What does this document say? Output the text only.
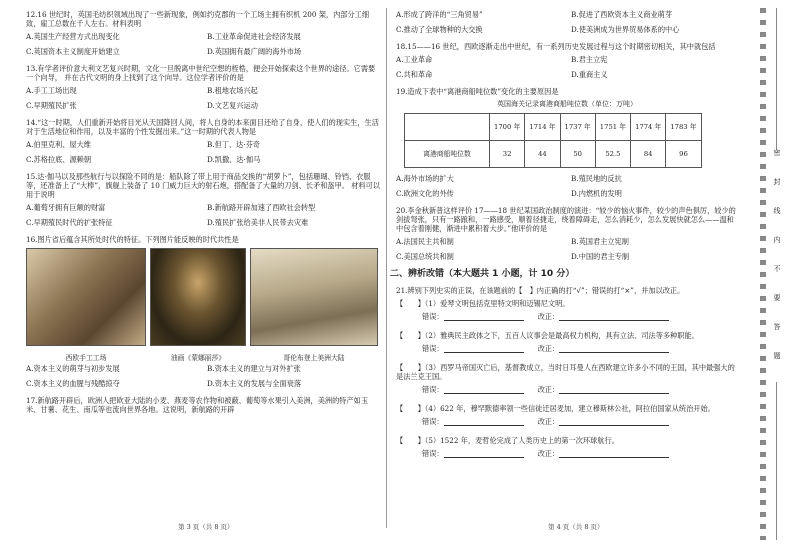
12.16 世纪时，英国毛纺织领域出现了一些新现象，例如约克郡的一个工场主拥有织机 200 架，内部分工细致，雇工总数在千人左右。材料表明

A.英国生产经营方式出现变化	B.工业革命促进社会经济发展
C.英国资本主义制度开始建立	D.英国拥有最广阔的海外市场

13.有学者评价意大利文艺复兴时期，文化一旦脱离中世纪空想的桎梏，便会开始探索这个世界的途径。它需要一个向导， 并在古代文明的身上找到了这个向导。这位学者评价的是

A.手工工场出现	B.租地农场兴起
C.早期殖民扩张	D.文艺复兴运动

14.“这一时期，人们重新开始将目光从天国降回人间，将人自身的本来面目还给了自身，使人们的现实生，生活对于生活地位和作用，以及丰富的个性发掘出来。”这一时期的代表人物是

A.伯里克利、屋大维	B.但丁、达·芬奇
C.苏格拉底、源赖朝	D.凯撒、达·伽马

15.达·伽马以及那些航行与以探险不同的是：船队除了带上用于商品交换的“胡萝卜”，包括珊瑚、铃铛、衣服等，还准备上了“大棒”，旗舰上装备了 10 门威力巨大的射石炮，搭配备了大量的刀剑、长矛和盔甲。 材料可以用于说明

A.葡萄牙拥有巨额的财富	B.新航路开辟加速了西欧社会转型
C.早期殖民时代的扩张特征	D.殖民扩张给美非人民带去灾难

16.图片省后蕴含其所处时代的特征。下列图片能反映的时代共性是

西欧手工工场	油画《蒙娜丽莎》	哥伦布登上美洲大陆
A.资本主义的萌芽与初步发展	B.资本主义的建立与对外扩张
C.资本主义的血腥与残酷掠夺	D.资本主义的发展与全面衰落

17.新航路开辟后，欧洲人把欧亚大陆的小麦、燕麦等农作物和被蔽、葡萄等水果引入美洲，美洲的特产如玉米、甘薯、花生、南瓜等也流向世界各地。这说明，新航路的开辟

第 3 页（共 8 页）
A.形成了跨洋的“三角贸易”	B.促进了西欧资本主义商业萌芽
C.推动了全球物种的大交换	D.使美洲成为世界贸易体系的中心

18.15——16 世纪，西欧逐渐走出中世纪，有一系列历史发展过程与这个时期密切相关，其中就包括

A.工业革命	B.君主立宪
C.共和革命	D.重商主义

19.造成下表中“离港商船吨位数”变化的主要原因是

英国海关记录离港商船吨位数（单位：万吨）
	1700 年	1714 年	1737 年	1751 年	1774 年	1783 年
离港商船吨位数	32	44	50	52.5	84	96
A.海外市场的扩大	B.殖民地的反抗
C.欧洲文化的外传	D.内燃机的发明

20.李金秋新普这样评价 17——18 世纪某国政治制度的演进：“较少的恼火事件，较少的声色俱厉，较少的剑拔弩张，只有一路踉和，一路感受，顺着径捷走，绕着障碍走，怎么消耗少，怎么发展快就怎么——温和中包含着刚健，渐进中累积着大步。”他评价的是

A.法国民主共和制	B.英国君主立宪制
C.美国总统共和制	D.中国的君主专制
二、辨析改错（本大题共 1 小题，计 10 分）

21.辨别下列史实的正误，在该题前的【　】内正确的打“√”；错误的打“×”，并加以改正。

【　　】（1）爱琴文明包括克里特文明和迈锡尼文明。
错误：	改正：
【　　】（2）雅典民主政体之下，五百人议事会是最高权力机构，具有立法、司法等多种职能。
错误：	改正：
【　　】（3）西罗马帝国灭亡后，基督教成立，当时日耳曼人在西欧建立许多小不同的王国，其中最强大的是法兰克王国。
错误：	改正：
【　　】（4）622 年，穆罕默德率领一些信徒迁居麦加，建立穆斯林公社，阿拉伯国家从统治开始。
错误：	改正：
【　　】（5）1522 年，麦哲伦完成了人类历史上的第一次环球航行。
错误：	改正：
第 4 页（共 8 页）
密
封
线
内
不
要
答
题
